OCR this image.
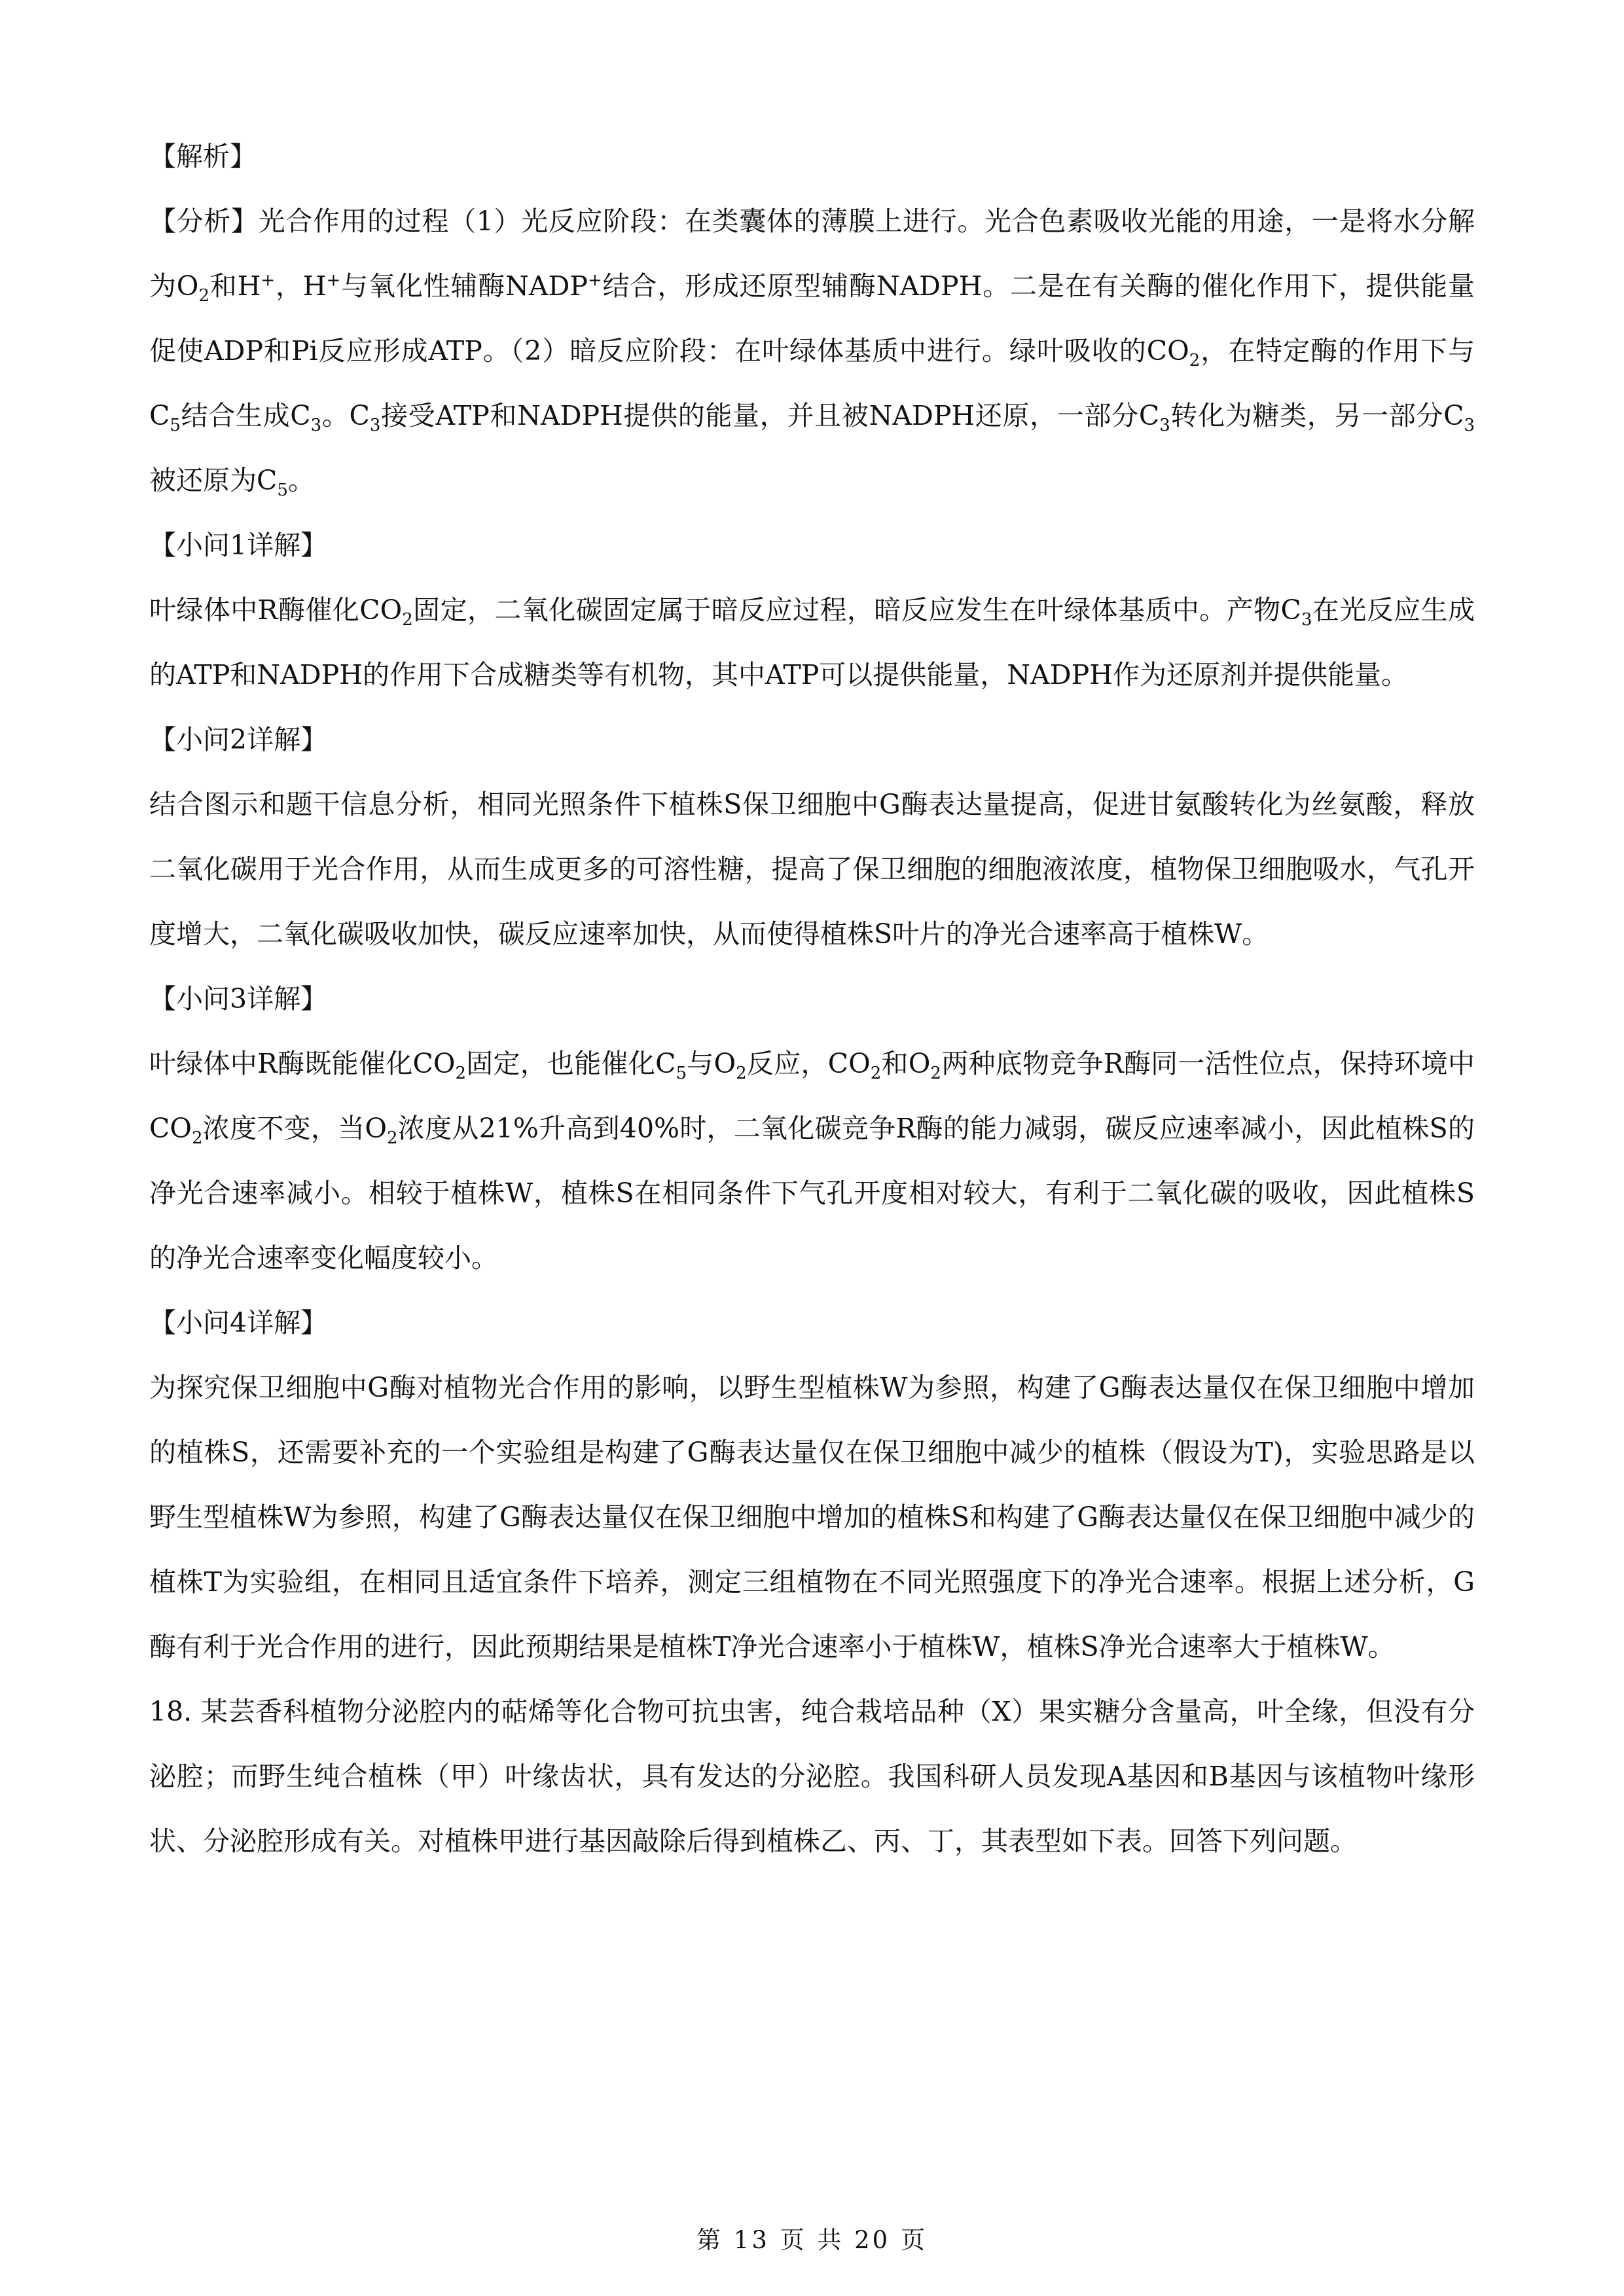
【解析】

【分析】光合作用的过程（1）光反应阶段：在类囊体的薄膜上进行。光合色素吸收光能的用途，一是将水分解为$O_2$和H+，H+与氧化性辅酶NADP+结合，形成还原型辅酶NADPH。二是在有关酶的催化作用下，提供能量促使ADP和Pi反应形成ATP。（2）暗反应阶段：在叶绿体基质中进行。绿叶吸收的$CO_2$，在特定酶的作用下与$C_5$结合生成$C_3$。$C_3$接受ATP和NADPH提供的能量，并且被NADPH还原，一部分$C_3$转化为糖类，另一部分$C_3$被还原为$C_5$。

【小问1详解】

叶绿体中R酶催化$CO_2$固定，二氧化碳固定属于暗反应过程，暗反应发生在叶绿体基质中。产物$C_3$在光反应生成的ATP和NADPH的作用下合成糖类等有机物，其中ATP可以提供能量，NADPH作为还原剂并提供能量。

【小问2详解】

结合图示和题干信息分析，相同光照条件下植株S保卫细胞中G酶表达量提高，促进甘氨酸转化为丝氨酸，释放二氧化碳用于光合作用，从而生成更多的可溶性糖，提高了保卫细胞的细胞液浓度，植物保卫细胞吸水，气孔开度增大，二氧化碳吸收加快，碳反应速率加快，从而使得植株S叶片的净光合速率高于植株W。

【小问3详解】

叶绿体中R酶既能催化$CO_2$固定，也能催化$C_5$与$O_2$反应，$CO_2$和$O_2$两种底物竞争R酶同一活性位点，保持环境中$CO_2$浓度不变，当$O_2$浓度从21%升高到40%时，二氧化碳竞争R酶的能力减弱，碳反应速率减小，因此植株S的净光合速率减小。相较于植株W，植株S在相同条件下气孔开度相对较大，有利于二氧化碳的吸收，因此植株S的净光合速率变化幅度较小。

【小问4详解】

为探究保卫细胞中G酶对植物光合作用的影响，以野生型植株W为参照，构建了G酶表达量仅在保卫细胞中增加的植株S，还需要补充的一个实验组是构建了G酶表达量仅在保卫细胞中减少的植株（假设为T)，实验思路是以野生型植株W为参照，构建了G酶表达量仅在保卫细胞中增加的植株S和构建了G酶表达量仅在保卫细胞中减少的植株T为实验组，在相同且适宜条件下培养，测定三组植物在不同光照强度下的净光合速率。根据上述分析，G酶有利于光合作用的进行，因此预期结果是植株T净光合速率小于植株W，植株S净光合速率大于植株W。

18. 某芸香科植物分泌腔内的萜烯等化合物可抗虫害，纯合栽培品种（X）果实糖分含量高，叶全缘，但没有分泌腔；而野生纯合植株（甲）叶缘齿状，具有发达的分泌腔。我国科研人员发现A基因和B基因与该植物叶缘形状、分泌腔形成有关。对植株甲进行基因敲除后得到植株乙、丙、丁，其表型如下表。回答下列问题。

第 13 页 共 20 页
